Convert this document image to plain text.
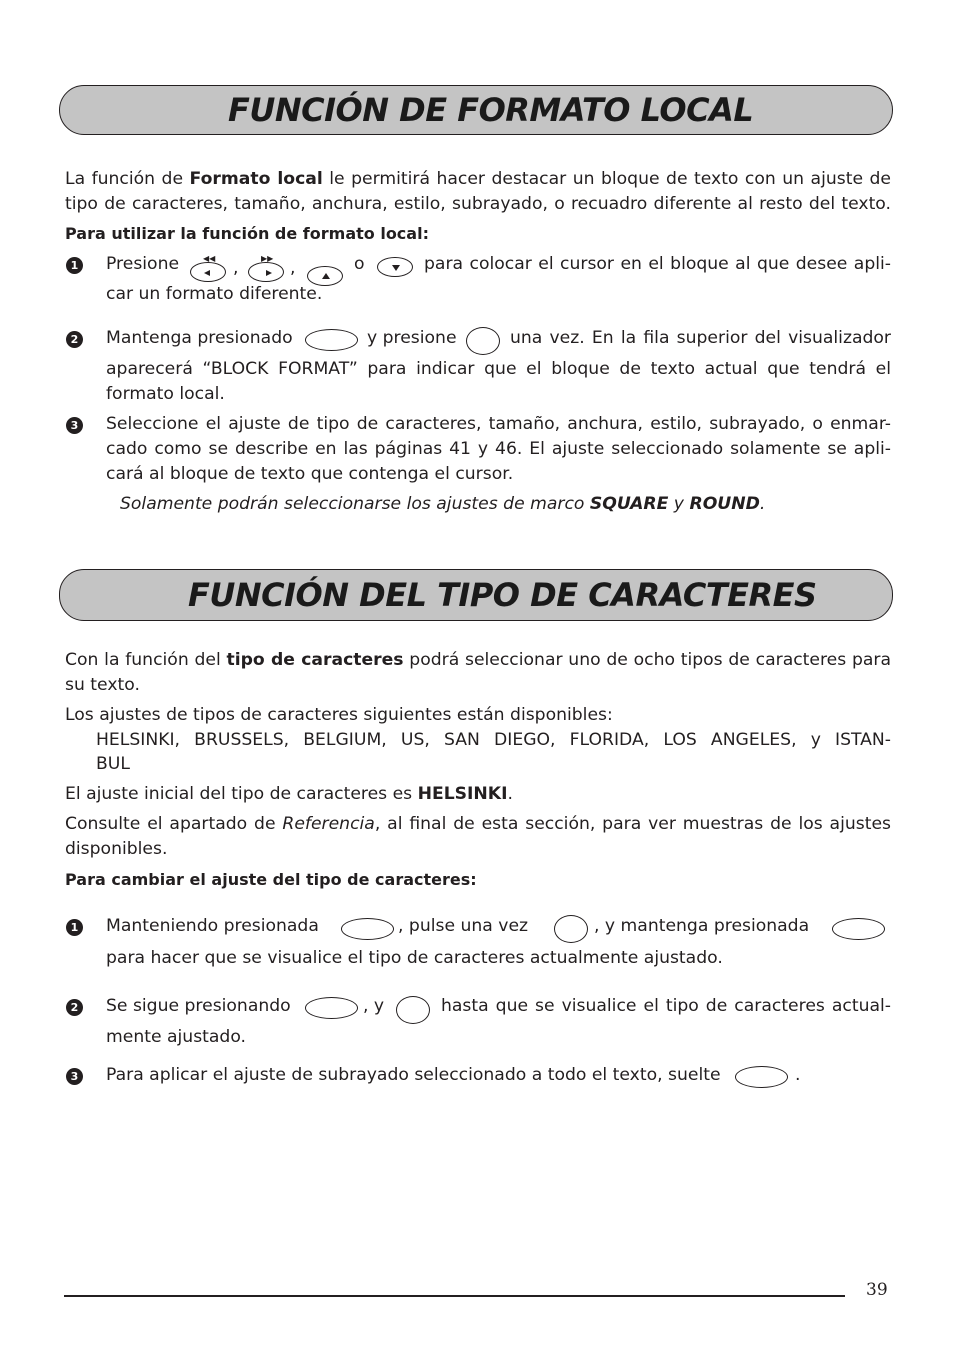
FUNCIÓN DE FORMATO LOCAL
La función de Formato local le permitirá hacer destacar un bloque de texto con un ajuste de
tipo de caracteres, tamaño, anchura, estilo, subrayado, o recuadro diferente al resto del texto.
Para utilizar la función de formato local:
1 Presione	◀◀ ,	▶▶ ,	o	para colocar el cursor en el bloque al que desee apli-
car un formato diferente.
2 Mantenga presionado	y presione	una vez. En la fila superior del visualizador
aparecerá “BLOCK FORMAT” para indicar que el bloque de texto actual que tendrá el
formato local.
3 Seleccione el ajuste de tipo de caracteres, tamaño, anchura, estilo, subrayado, o enmar-
cado como se describe en las páginas 41 y 46. El ajuste seleccionado solamente se apli-
cará al bloque de texto que contenga el cursor.
Solamente podrán seleccionarse los ajustes de marco SQUARE y ROUND.
FUNCIÓN DEL TIPO DE CARACTERES
Con la función del tipo de caracteres podrá seleccionar uno de ocho tipos de caracteres para
su texto.
Los ajustes de tipos de caracteres siguientes están disponibles:
HELSINKI, BRUSSELS, BELGIUM, US, SAN DIEGO, FLORIDA, LOS ANGELES, y ISTAN-
BUL
El ajuste inicial del tipo de caracteres es HELSINKI.
Consulte el apartado de Referencia, al final de esta sección, para ver muestras de los ajustes
disponibles.
Para cambiar el ajuste del tipo de caracteres:
1 Manteniendo presionada	, pulse una vez	, y mantenga presionada
para hacer que se visualice el tipo de caracteres actualmente ajustado.
2 Se sigue presionando	, y	hasta que se visualice el tipo de caracteres actual-
mente ajustado.
3 Para aplicar el ajuste de subrayado seleccionado a todo el texto, suelte	.
39
